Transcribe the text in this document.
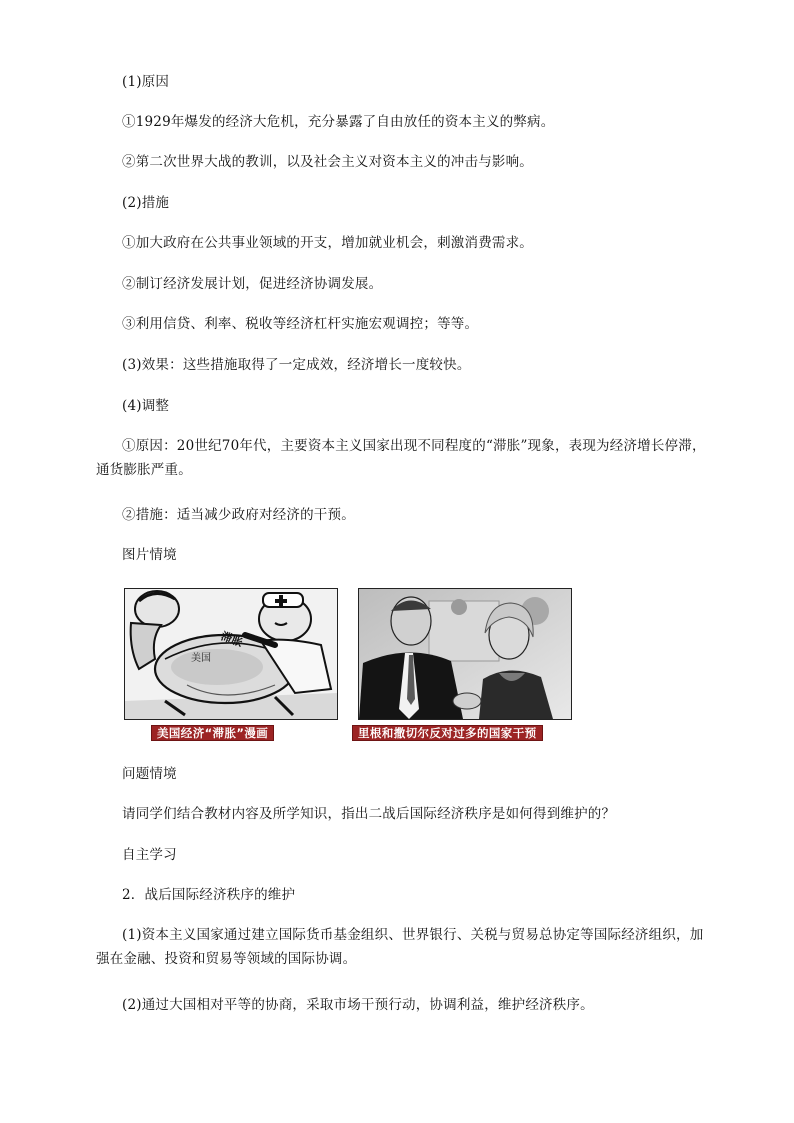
(1)原因
①1929年爆发的经济大危机，充分暴露了自由放任的资本主义的弊病。
②第二次世界大战的教训，以及社会主义对资本主义的冲击与影响。
(2)措施
①加大政府在公共事业领域的开支，增加就业机会，刺激消费需求。
②制订经济发展计划，促进经济协调发展。
③利用信贷、利率、税收等经济杠杆实施宏观调控；等等。
(3)效果：这些措施取得了一定成效，经济增长一度较快。
(4)调整
①原因：20世纪70年代，主要资本主义国家出现不同程度的“滞胀”现象，表现为经济增长停滞，通货膨胀严重。
②措施：适当减少政府对经济的干预。
图片情境
滞胀
美国
美国经济“滞胀”漫画	里根和撒切尔反对过多的国家干预
问题情境
请同学们结合教材内容及所学知识，指出二战后国际经济秩序是如何得到维护的？
自主学习
2．战后国际经济秩序的维护
(1)资本主义国家通过建立国际货币基金组织、世界银行、关税与贸易总协定等国际经济组织，加强在金融、投资和贸易等领域的国际协调。
(2)通过大国相对平等的协商，采取市场干预行动，协调利益，维护经济秩序。
